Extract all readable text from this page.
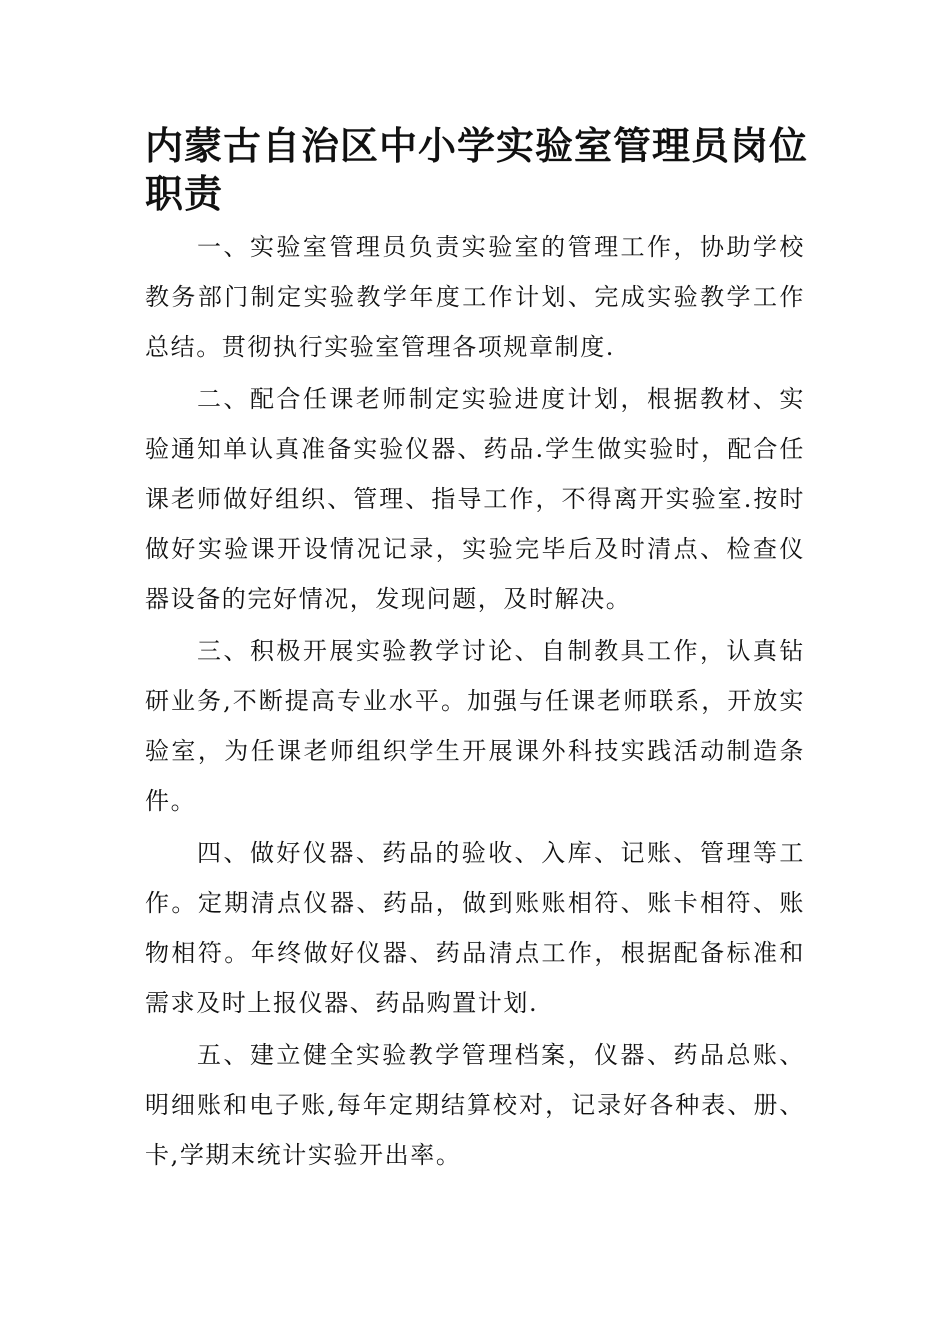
内蒙古自治区中小学实验室管理员岗位职责

一、实验室管理员负责实验室的管理工作，协助学校教务部门制定实验教学年度工作计划、完成实验教学工作总结。贯彻执行实验室管理各项规章制度.

二、配合任课老师制定实验进度计划，根据教材、实验通知单认真准备实验仪器、药品.学生做实验时，配合任课老师做好组织、管理、指导工作，不得离开实验室.按时做好实验课开设情况记录，实验完毕后及时清点、检查仪器设备的完好情况，发现问题，及时解决。

三、积极开展实验教学讨论、自制教具工作，认真钻研业务,不断提高专业水平。加强与任课老师联系，开放实验室，为任课老师组织学生开展课外科技实践活动制造条件。

四、做好仪器、药品的验收、入库、记账、管理等工作。定期清点仪器、药品，做到账账相符、账卡相符、账物相符。年终做好仪器、药品清点工作，根据配备标准和需求及时上报仪器、药品购置计划.

五、建立健全实验教学管理档案，仪器、药品总账、明细账和电子账,每年定期结算校对，记录好各种表、册、卡,学期末统计实验开出率。
